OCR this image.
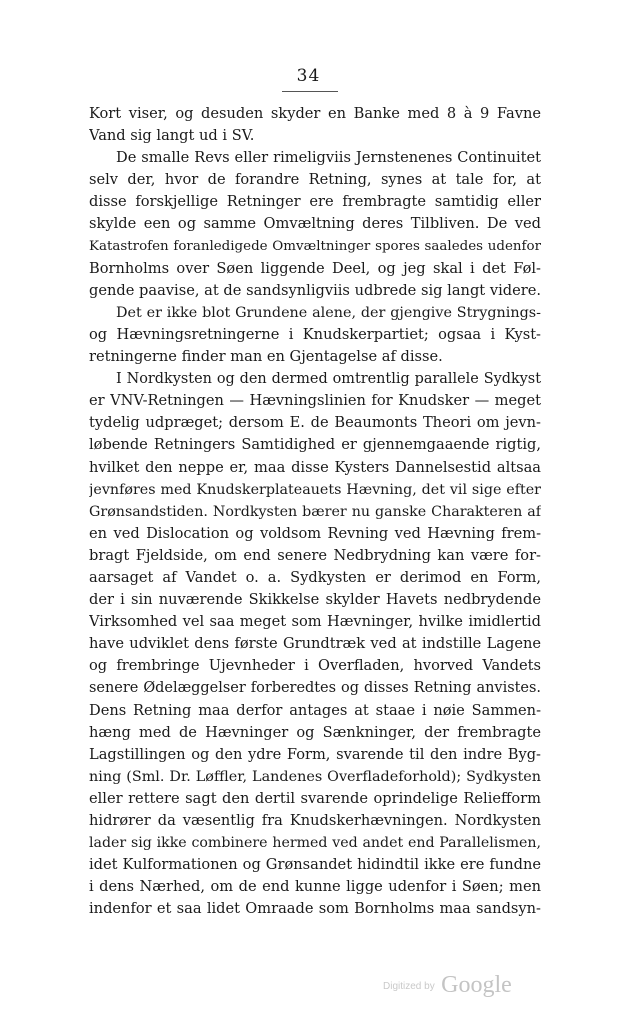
34
Kort viser, og desuden skyder en Banke med 8 à 9 Favne
Vand sig langt ud i SV.
De smalle Revs eller rimeligviis Jernstenenes Continuitet
selv der, hvor de forandre Retning, synes at tale for, at
disse forskjellige Retninger ere frembragte samtidig eller
skylde een og samme Omvæltning deres Tilbliven. De ved
Katastrofen foranledigede Omvæltninger spores saaledes udenfor
Bornholms over Søen liggende Deel, og jeg skal i det Føl-
gende paavise, at de sandsynligviis udbrede sig langt videre.
Det er ikke blot Grundene alene, der gjengive Strygnings-
og Hævningsretningerne i Knudskerpartiet; ogsaa i Kyst-
retningerne finder man en Gjentagelse af disse.
I Nordkysten og den dermed omtrentlig parallele Sydkyst
er VNV-Retningen — Hævningslinien for Knudsker — meget
tydelig udpræget; dersom E. de Beaumonts Theori om jevn-
løbende Retningers Samtidighed er gjennemgaaende rigtig,
hvilket den neppe er, maa disse Kysters Dannelsestid altsaa
jevnføres med Knudskerplateauets Hævning, det vil sige efter
Grønsandstiden. Nordkysten bærer nu ganske Charakteren af
en ved Dislocation og voldsom Revning ved Hævning frem-
bragt Fjeldside, om end senere Nedbrydning kan være for-
aarsaget af Vandet o. a. Sydkysten er derimod en Form,
der i sin nuværende Skikkelse skylder Havets nedbrydende
Virksomhed vel saa meget som Hævninger, hvilke imidlertid
have udviklet dens første Grundtræk ved at indstille Lagene
og frembringe Ujevnheder i Overfladen, hvorved Vandets
senere Ødelæggelser forberedtes og disses Retning anvistes.
Dens Retning maa derfor antages at staae i nøie Sammen-
hæng med de Hævninger og Sænkninger, der frembragte
Lagstillingen og den ydre Form, svarende til den indre Byg-
ning (Sml. Dr. Løffler, Landenes Overfladeforhold); Sydkysten
eller rettere sagt den dertil svarende oprindelige Reliefform
hidrører da væsentlig fra Knudskerhævningen. Nordkysten
lader sig ikke combinere hermed ved andet end Parallelismen,
idet Kulformationen og Grønsandet hidindtil ikke ere fundne
i dens Nærhed, om de end kunne ligge udenfor i Søen; men
indenfor et saa lidet Omraade som Bornholms maa sandsyn-
Digitized by Google
